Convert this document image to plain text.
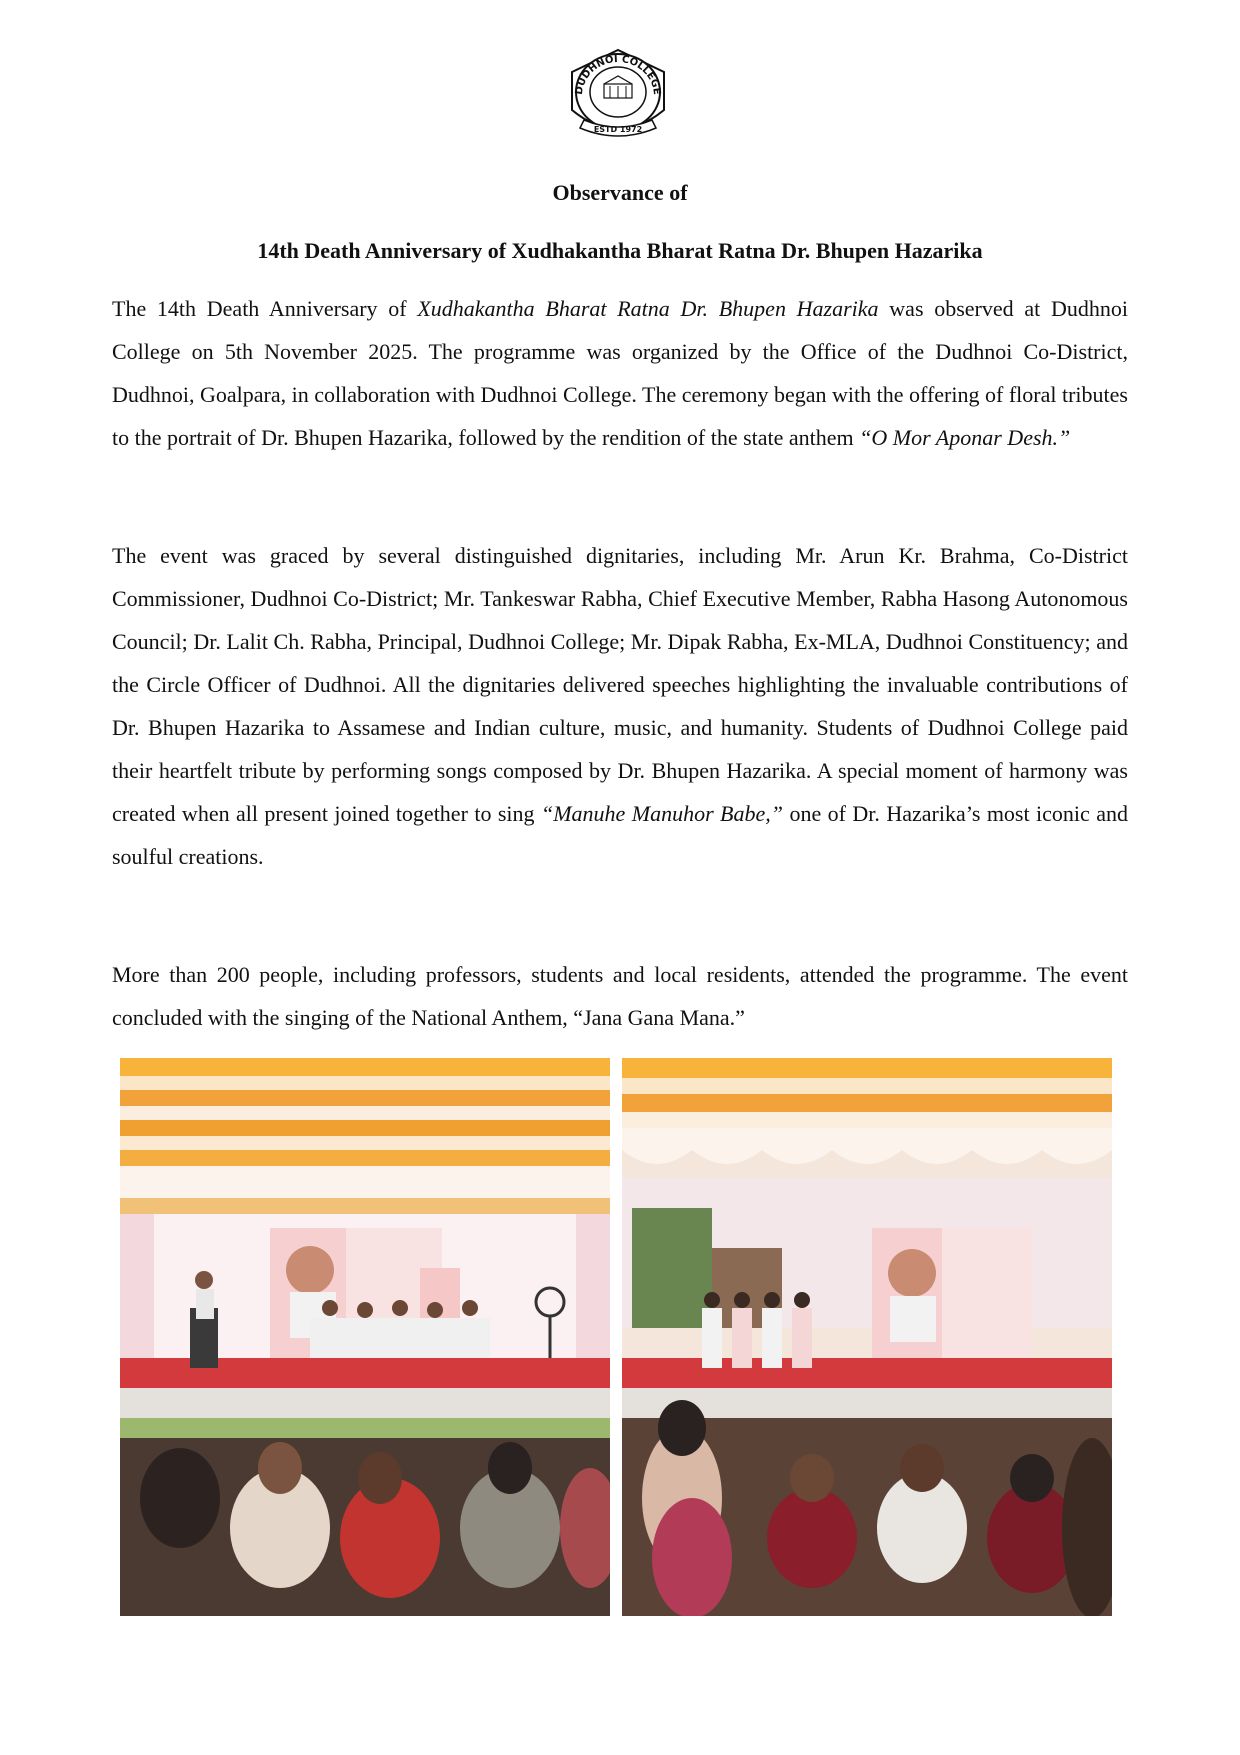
DUDHNOI COLLEGE
ESTD 1972
Observance of
14th Death Anniversary of Xudhakantha Bharat Ratna Dr. Bhupen Hazarika

The 14th Death Anniversary of Xudhakantha Bharat Ratna Dr. Bhupen Hazarika was observed at Dudhnoi College on 5th November 2025. The programme was organized by the Office of the Dudhnoi Co-District, Dudhnoi, Goalpara, in collaboration with Dudhnoi College. The ceremony began with the offering of floral tributes to the portrait of Dr. Bhupen Hazarika, followed by the rendition of the state anthem “O Mor Aponar Desh.”

The event was graced by several distinguished dignitaries, including Mr. Arun Kr. Brahma, Co-District Commissioner, Dudhnoi Co-District; Mr. Tankeswar Rabha, Chief Executive Member, Rabha Hasong Autonomous Council; Dr. Lalit Ch. Rabha, Principal, Dudhnoi College; Mr. Dipak Rabha, Ex-MLA, Dudhnoi Constituency; and the Circle Officer of Dudhnoi. All the dignitaries delivered speeches highlighting the invaluable contributions of Dr. Bhupen Hazarika to Assamese and Indian culture, music, and humanity. Students of Dudhnoi College paid their heartfelt tribute by performing songs composed by Dr. Bhupen Hazarika. A special moment of harmony was created when all present joined together to sing “Manuhe Manuhor Babe,” one of Dr. Hazarika’s most iconic and soulful creations.

More than 200 people, including professors, students and local residents, attended the programme. The event concluded with the singing of the National Anthem, “Jana Gana Mana.”
